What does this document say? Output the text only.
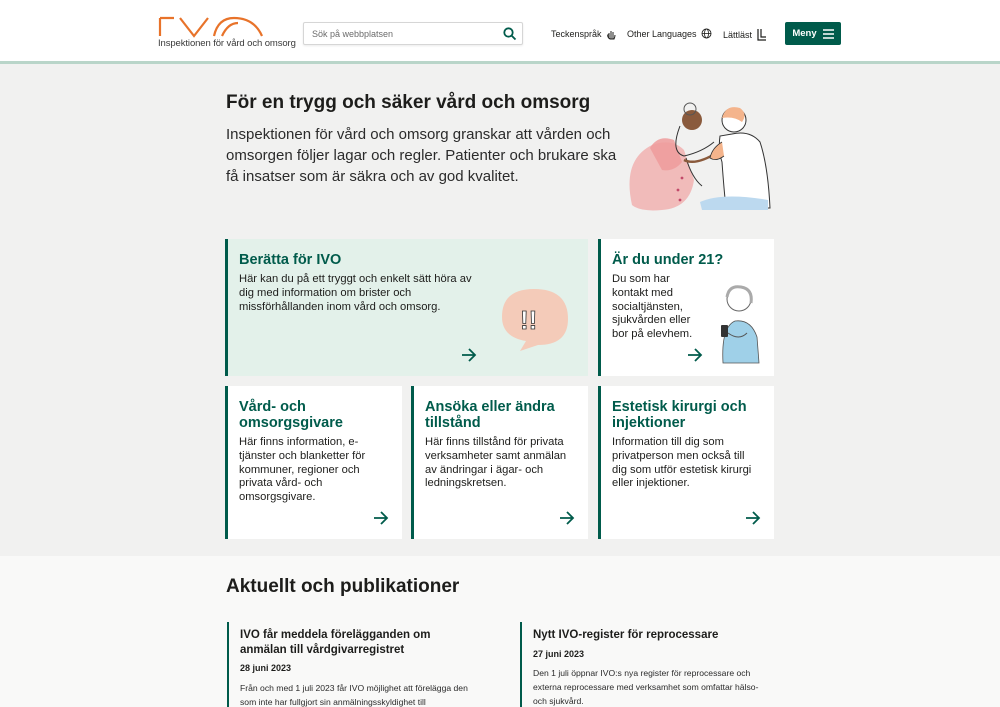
Inspektionen för vård och omsorg
Sök på webbplatsen
Teckenspråk	Other Languages	Lättläst	Meny
För en trygg och säker vård och omsorg

Inspektionen för vård och omsorg granskar att vården och omsorgen följer lagar och regler. Patienter och brukare ska få insatser som är säkra och av god kvalitet.

Berätta för IVO

Här kan du på ett tryggt och enkelt sätt höra av dig med information om brister och missförhållanden inom vård och omsorg.	!!
Är du under 21?

Du som har kontakt med socialtjänsten, sjukvården eller bor på elevhem.

Vård- och omsorgsgivare

Här finns information, e-tjänster och blanketter för kommuner, regioner och privata vård- och omsorgsgivare.

Ansöka eller ändra tillstånd

Här finns tillstånd för privata verksamheter samt anmälan av ändringar i ägar- och ledningskretsen.

Estetisk kirurgi och injektioner

Information till dig som privatperson men också till dig som utför estetisk kirurgi eller injektioner.

Aktuellt och publikationer
IVO får meddela förelägganden om anmälan till vårdgivarregistret
28 juni 2023
Från och med 1 juli 2023 får IVO möjlighet att förelägga den som inte har fullgjort sin anmälningsskyldighet till
Nytt IVO-register för reprocessare
27 juni 2023
Den 1 juli öppnar IVO:s nya register för reprocessare och externa reprocessare med verksamhet som omfattar hälso- och sjukvård.
